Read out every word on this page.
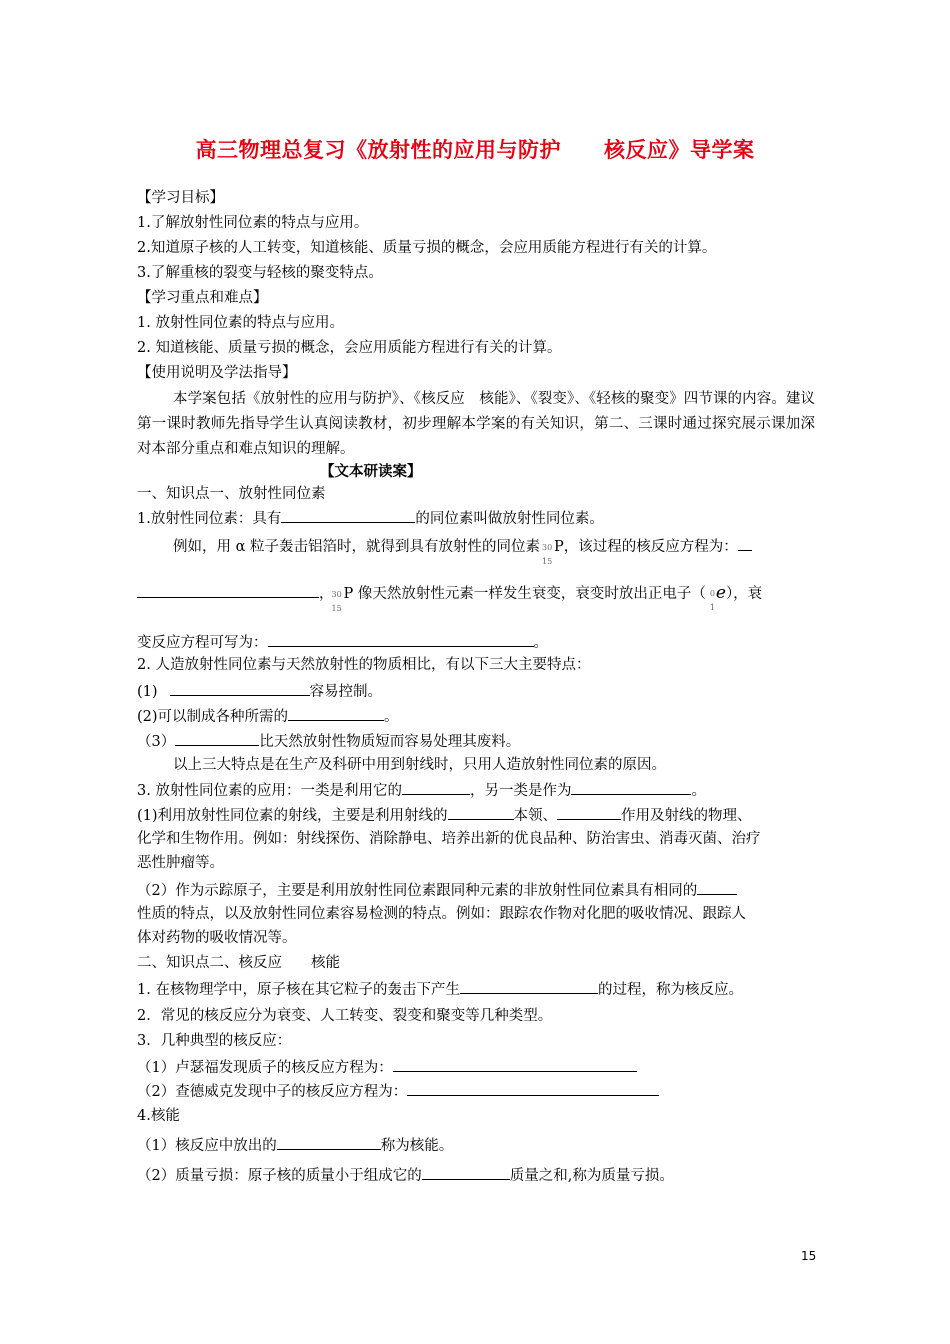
高三物理总复习《放射性的应用与防护　　核反应》导学案
【学习目标】
1.了解放射性同位素的特点与应用。
2.知道原子核的人工转变，知道核能、质量亏损的概念，会应用质能方程进行有关的计算。
3.了解重核的裂变与轻核的聚变特点。
【学习重点和难点】
1. 放射性同位素的特点与应用。
2. 知道核能、质量亏损的概念，会应用质能方程进行有关的计算。
【使用说明及学法指导】
本学案包括《放射性的应用与防护》、《核反应　核能》、《裂变》、《轻核的聚变》四节课的内容。建议第一课时教师先指导学生认真阅读教材，初步理解本学案的有关知识，第二、三课时通过探究展示课加深对本部分重点和难点知识的理解。
【文本研读案】
一、知识点一、放射性同位素
1.放射性同位素：具有	的同位素叫做放射性同位素。
例如，用 α 粒子轰击铝箔时，就得到具有放射性的同位素 30
15
P，该过程的核反应方程为：
，
30
15
P 像天然放射性元素一样发生衰变，衰变时放出正电子（ 0
1
e），衰
变反应方程可写为：	。
2. 人造放射性同位素与天然放射性的物质相比，有以下三大主要特点：
(1)	容易控制。
(2)可以制成各种所需的	。
（3）	比天然放射性物质短而容易处理其废料。
以上三大特点是在生产及科研中用到射线时，只用人造放射性同位素的原因。
3. 放射性同位素的应用：一类是利用它的	，另一类是作为	。
(1)利用放射性同位素的射线，主要是利用射线的	本领、	作用及射线的物理、
化学和生物作用。例如：射线探伤、消除静电、培养出新的优良品种、防治害虫、消毒灭菌、治疗
恶性肿瘤等。
（2）作为示踪原子，主要是利用放射性同位素跟同种元素的非放射性同位素具有相同的
性质的特点，以及放射性同位素容易检测的特点。例如：跟踪农作物对化肥的吸收情况、跟踪人
体对药物的吸收情况等。
二、知识点二、核反应　　核能
1. 在核物理学中，原子核在其它粒子的轰击下产生	的过程，称为核反应。
2．常见的核反应分为衰变、人工转变、裂变和聚变等几种类型。
3．几种典型的核反应：
（1）卢瑟福发现质子的核反应方程为：
（2）查德威克发现中子的核反应方程为：
4.核能
（1）核反应中放出的	称为核能。
（2）质量亏损：原子核的质量小于组成它的	质量之和,称为质量亏损。
15
